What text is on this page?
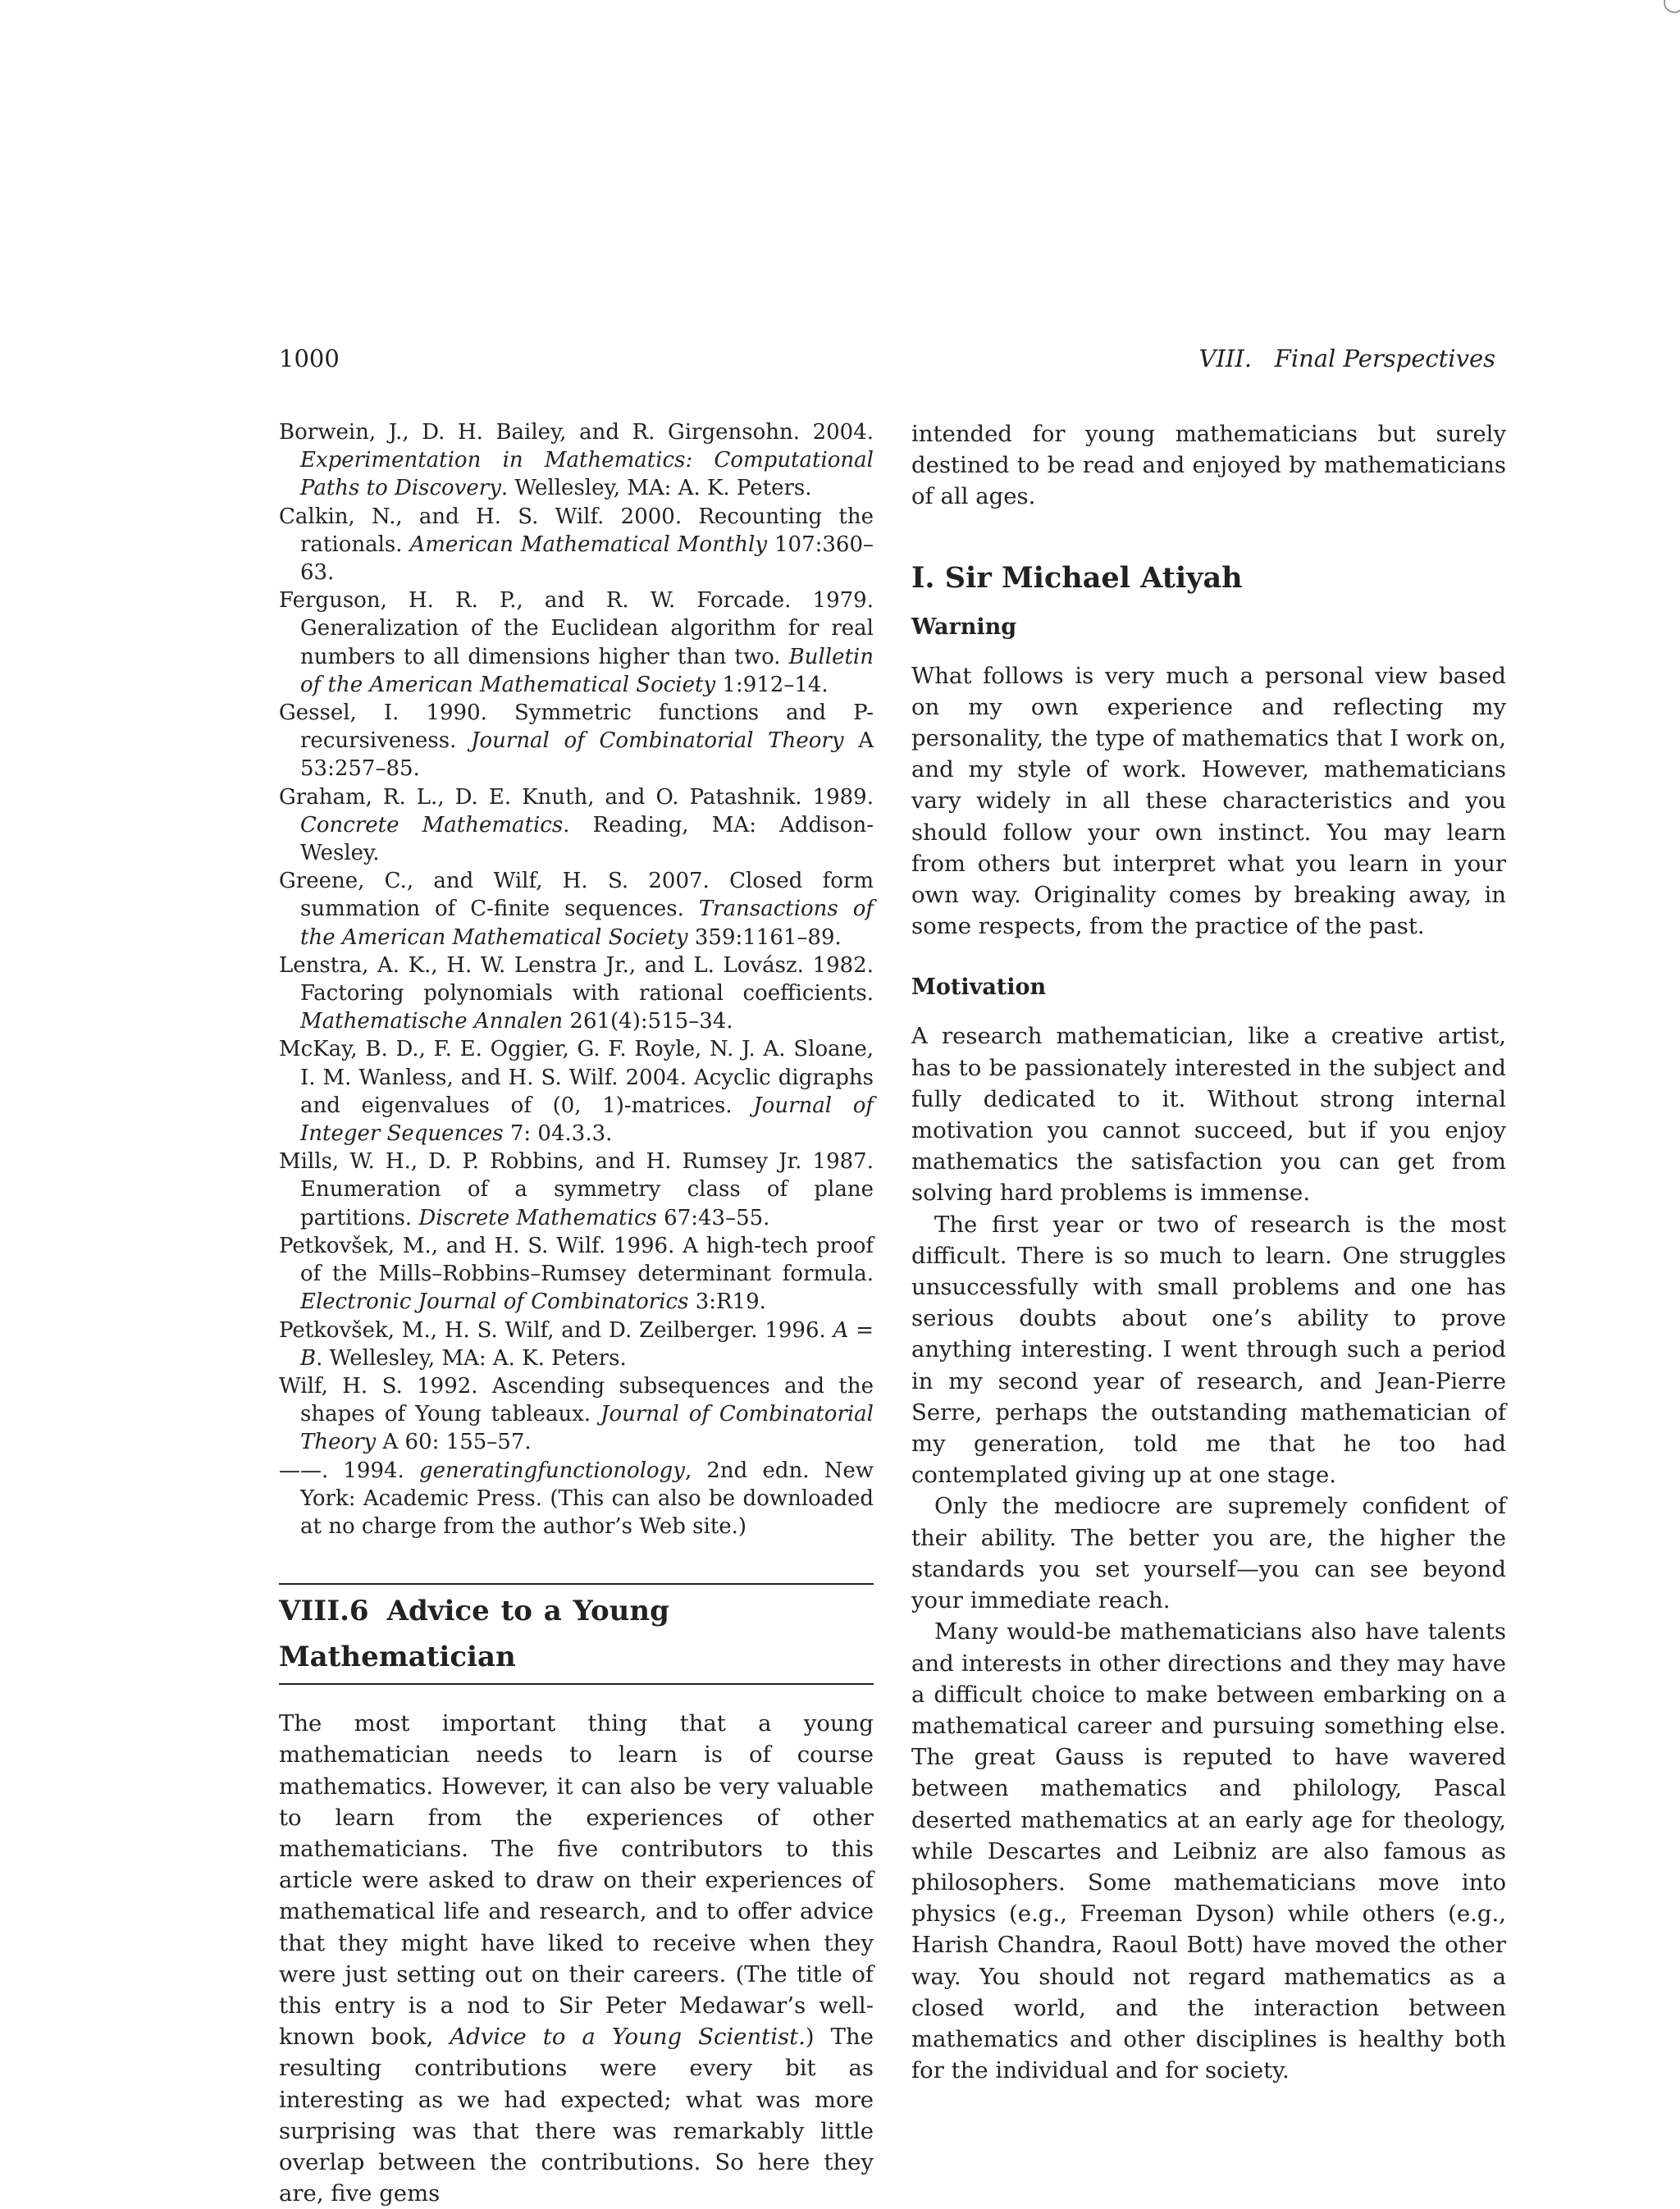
1000	VIII.   Final Perspectives

Borwein, J., D. H. Bailey, and R. Girgensohn. 2004. Experimentation in Mathematics: Computational Paths to Discovery. Wellesley, MA: A. K. Peters.

Calkin, N., and H. S. Wilf. 2000. Recounting the rationals. American Mathematical Monthly 107:360–63.

Ferguson, H. R. P., and R. W. Forcade. 1979. Generalization of the Euclidean algorithm for real numbers to all dimensions higher than two. Bulletin of the American Mathematical Society 1:912–14.

Gessel, I. 1990. Symmetric functions and P-recursiveness. Journal of Combinatorial Theory A 53:257–85.

Graham, R. L., D. E. Knuth, and O. Patashnik. 1989. Concrete Mathematics. Reading, MA: Addison-Wesley.

Greene, C., and Wilf, H. S. 2007. Closed form summation of C-finite sequences. Transactions of the American Mathematical Society 359:1161–89.

Lenstra, A. K., H. W. Lenstra Jr., and L. Lovász. 1982. Factoring polynomials with rational coefficients. Mathematische Annalen 261(4):515–34.

McKay, B. D., F. E. Oggier, G. F. Royle, N. J. A. Sloane, I. M. Wanless, and H. S. Wilf. 2004. Acyclic digraphs and eigenvalues of (0, 1)-matrices. Journal of Integer Sequences 7: 04.3.3.

Mills, W. H., D. P. Robbins, and H. Rumsey Jr. 1987. Enumeration of a symmetry class of plane partitions. Discrete Mathematics 67:43–55.

Petkovšek, M., and H. S. Wilf. 1996. A high-tech proof of the Mills–Robbins–Rumsey determinant formula. Electronic Journal of Combinatorics 3:R19.

Petkovšek, M., H. S. Wilf, and D. Zeilberger. 1996. A = B. Wellesley, MA: A. K. Peters.

Wilf, H. S. 1992. Ascending subsequences and the shapes of Young tableaux. Journal of Combinatorial Theory A 60: 155–57.

——. 1994. generatingfunctionology, 2nd edn. New York: Academic Press. (This can also be downloaded at no charge from the author’s Web site.)

VIII.6 Advice to a Young Mathematician

The most important thing that a young mathematician needs to learn is of course mathematics. However, it can also be very valuable to learn from the experiences of other mathematicians. The five contributors to this article were asked to draw on their experiences of mathematical life and research, and to offer advice that they might have liked to receive when they were just setting out on their careers. (The title of this entry is a nod to Sir Peter Medawar’s well-known book, Advice to a Young Scientist.) The resulting contributions were every bit as interesting as we had expected; what was more surprising was that there was remarkably little overlap between the contributions. So here they are, five gems

intended for young mathematicians but surely destined to be read and enjoyed by mathematicians of all ages.

I. Sir Michael Atiyah
Warning

What follows is very much a personal view based on my own experience and reflecting my personality, the type of mathematics that I work on, and my style of work. However, mathematicians vary widely in all these characteristics and you should follow your own instinct. You may learn from others but interpret what you learn in your own way. Originality comes by breaking away, in some respects, from the practice of the past.

Motivation

A research mathematician, like a creative artist, has to be passionately interested in the subject and fully dedicated to it. Without strong internal motivation you cannot succeed, but if you enjoy mathematics the satisfaction you can get from solving hard problems is immense.

The first year or two of research is the most difficult. There is so much to learn. One struggles unsuccessfully with small problems and one has serious doubts about one’s ability to prove anything interesting. I went through such a period in my second year of research, and Jean-Pierre Serre, perhaps the outstanding mathematician of my generation, told me that he too had contemplated giving up at one stage.

Only the mediocre are supremely confident of their ability. The better you are, the higher the standards you set yourself—you can see beyond your immediate reach.

Many would-be mathematicians also have talents and interests in other directions and they may have a difficult choice to make between embarking on a mathematical career and pursuing something else. The great Gauss is reputed to have wavered between mathematics and philology, Pascal deserted mathematics at an early age for theology, while Descartes and Leibniz are also famous as philosophers. Some mathematicians move into physics (e.g., Freeman Dyson) while others (e.g., Harish Chandra, Raoul Bott) have moved the other way. You should not regard mathematics as a closed world, and the interaction between mathematics and other disciplines is healthy both for the individual and for society.
